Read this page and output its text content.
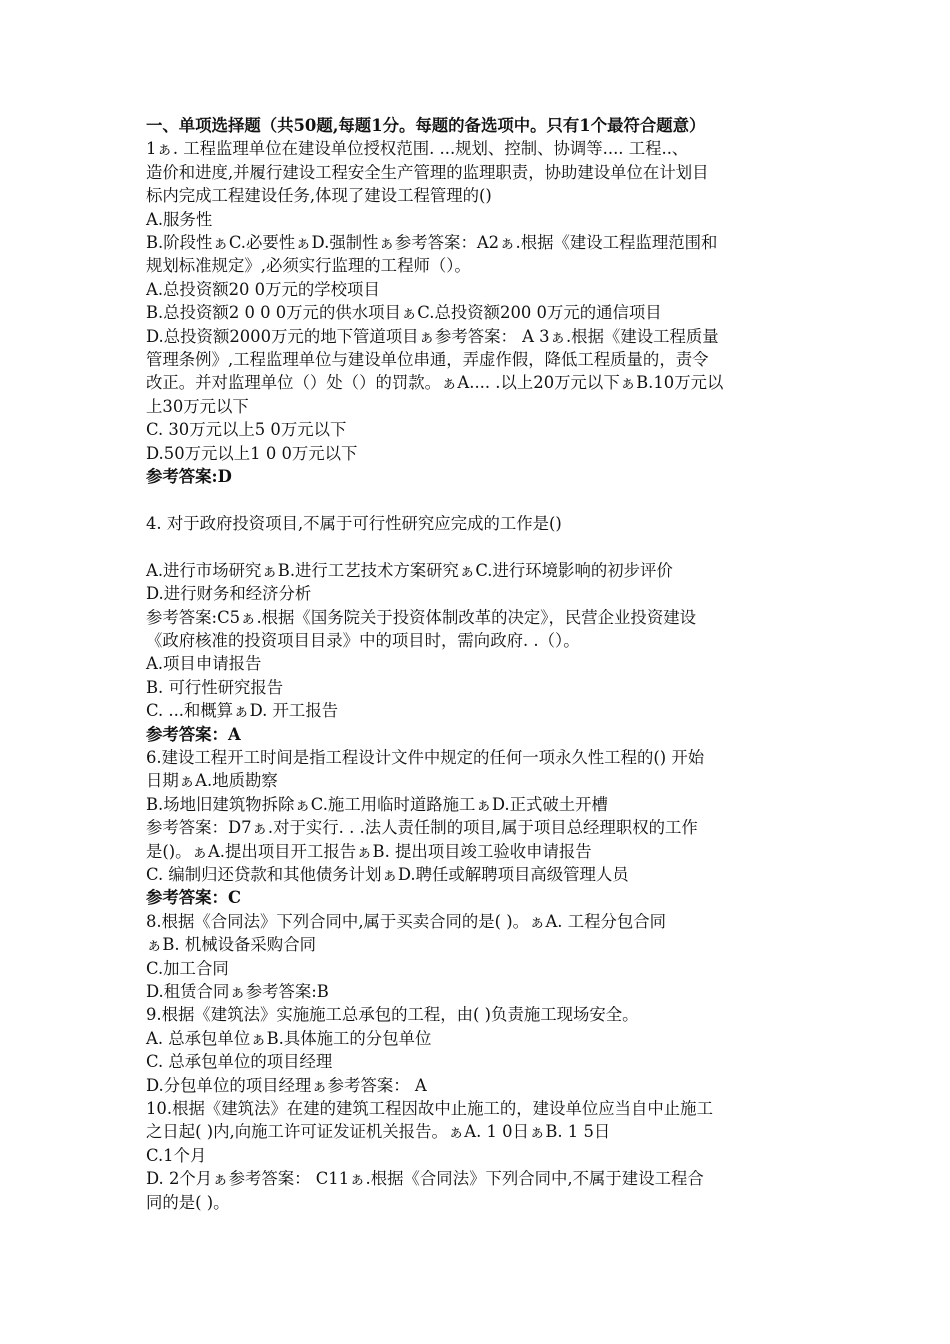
一、单项选择题（共50题,每题1分。每题的备选项中。只有1个最符合题意）
1ぁ. 工程监理单位在建设单位授权范围. ...规划、控制、协调等.... 工程..、
造价和进度,并履行建设工程安全生产管理的监理职责，协助建设单位在计划目
标内完成工程建设任务,体现了建设工程管理的()
A.服务性
B.阶段性ぁC.必要性ぁD.强制性ぁ参考答案：A2ぁ.根据《建设工程监理范围和
规划标准规定》,必须实行监理的工程师（）。
A.总投资额20 0万元的学校项目
B.总投资额2 0 0 0万元的供水项目ぁC.总投资额200 0万元的通信项目
D.总投资额2000万元的地下管道项目ぁ参考答案： A 3ぁ.根据《建设工程质量
管理条例》,工程监理单位与建设单位串通，弄虚作假，降低工程质量的，责令
改正。并对监理单位（）处（）的罚款。ぁA.... .以上20万元以下ぁB.10万元以
上30万元以下
C. 30万元以上5 0万元以下
D.50万元以上1 0 0万元以下
参考答案:D
4. 对于政府投资项目,不属于可行性研究应完成的工作是()
A.进行市场研究ぁB.进行工艺技术方案研究ぁC.进行环境影响的初步评价
D.进行财务和经济分析
参考答案:C5ぁ.根据《国务院关于投资体制改革的决定》，民营企业投资建设
《政府核准的投资项目目录》中的项目时，需向政府. .（）。
A.项目申请报告
B. 可行性研究报告
C. ...和概算ぁD. 开工报告
参考答案：A
6.建设工程开工时间是指工程设计文件中规定的任何一项永久性工程的() 开始
日期ぁA.地质勘察
B.场地旧建筑物拆除ぁC.施工用临时道路施工ぁD.正式破土开槽
参考答案：D7ぁ.对于实行. . .法人责任制的项目,属于项目总经理职权的工作
是()。ぁA.提出项目开工报告ぁB. 提出项目竣工验收申请报告
C. 编制归还贷款和其他债务计划ぁD.聘任或解聘项目高级管理人员
参考答案：C
8.根据《合同法》下列合同中,属于买卖合同的是( )。ぁA. 工程分包合同
ぁB. 机械设备采购合同
C.加工合同
D.租赁合同ぁ参考答案:B
9.根据《建筑法》实施施工总承包的工程，由( )负责施工现场安全。
A. 总承包单位ぁB.具体施工的分包单位
C. 总承包单位的项目经理
D.分包单位的项目经理ぁ参考答案： A
10.根据《建筑法》在建的建筑工程因故中止施工的，建设单位应当自中止施工
之日起( )内,向施工许可证发证机关报告。ぁA. 1 0日ぁB. 1 5日
C.1个月
D. 2个月ぁ参考答案： C11ぁ.根据《合同法》下列合同中,不属于建设工程合
同的是( )。
